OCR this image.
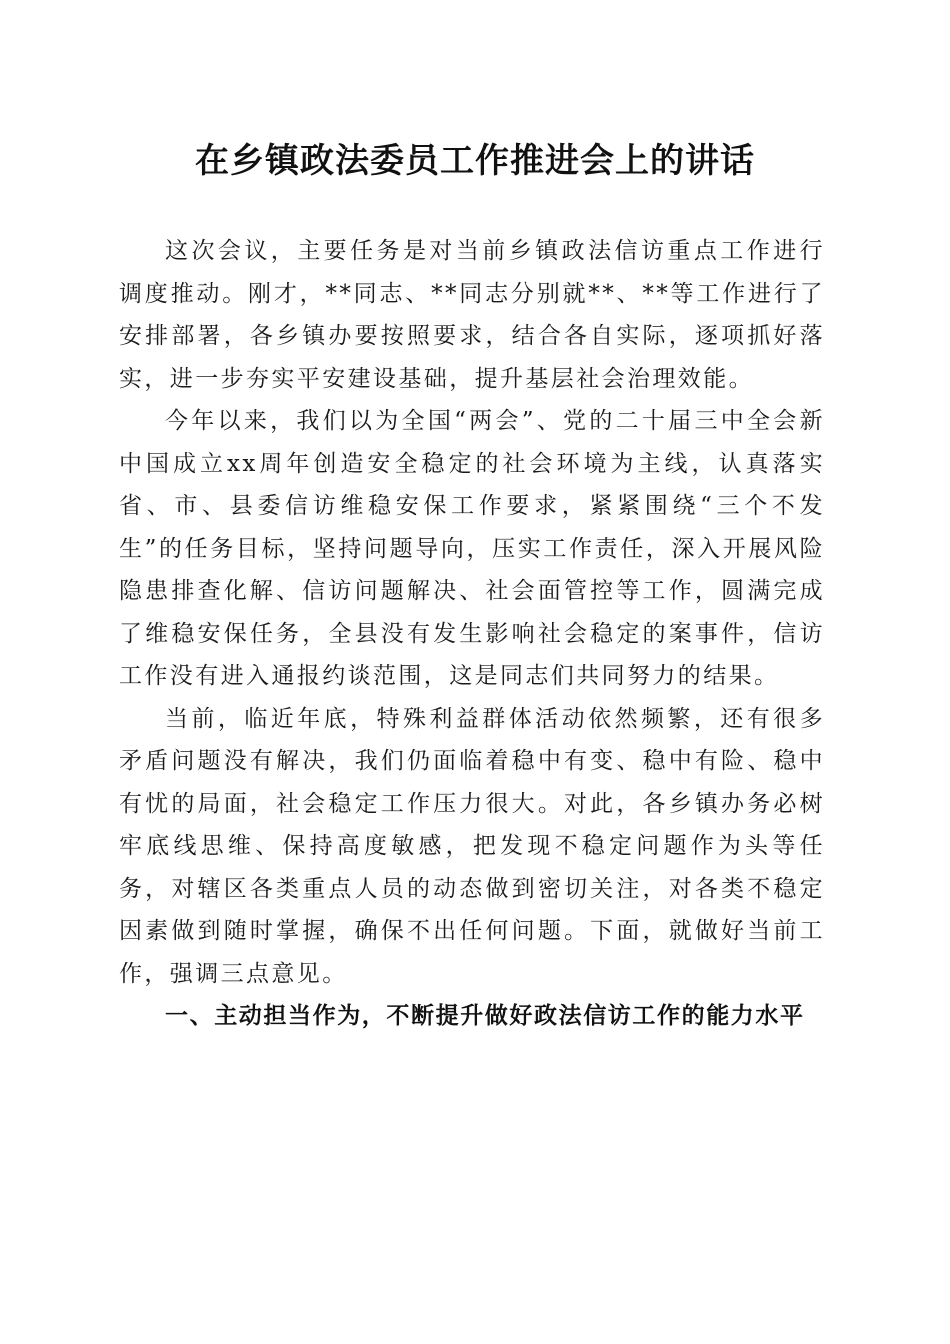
在乡镇政法委员工作推进会上的讲话

这次会议，主要任务是对当前乡镇政法信访重点工作进行调度推动。刚才，**同志、**同志分别就**、**等工作进行了安排部署，各乡镇办要按照要求，结合各自实际，逐项抓好落实，进一步夯实平安建设基础，提升基层社会治理效能。

今年以来，我们以为全国“两会”、党的二十届三中全会新中国成立xx周年创造安全稳定的社会环境为主线，认真落实省、市、县委信访维稳安保工作要求，紧紧围绕“三个不发生”的任务目标，坚持问题导向，压实工作责任，深入开展风险隐患排查化解、信访问题解决、社会面管控等工作，圆满完成了维稳安保任务，全县没有发生影响社会稳定的案事件，信访工作没有进入通报约谈范围，这是同志们共同努力的结果。

当前，临近年底，特殊利益群体活动依然频繁，还有很多矛盾问题没有解决，我们仍面临着稳中有变、稳中有险、稳中有忧的局面，社会稳定工作压力很大。对此，各乡镇办务必树牢底线思维、保持高度敏感，把发现不稳定问题作为头等任务，对辖区各类重点人员的动态做到密切关注，对各类不稳定因素做到随时掌握，确保不出任何问题。下面，就做好当前工作，强调三点意见。

一、主动担当作为，不断提升做好政法信访工作的能力水平
